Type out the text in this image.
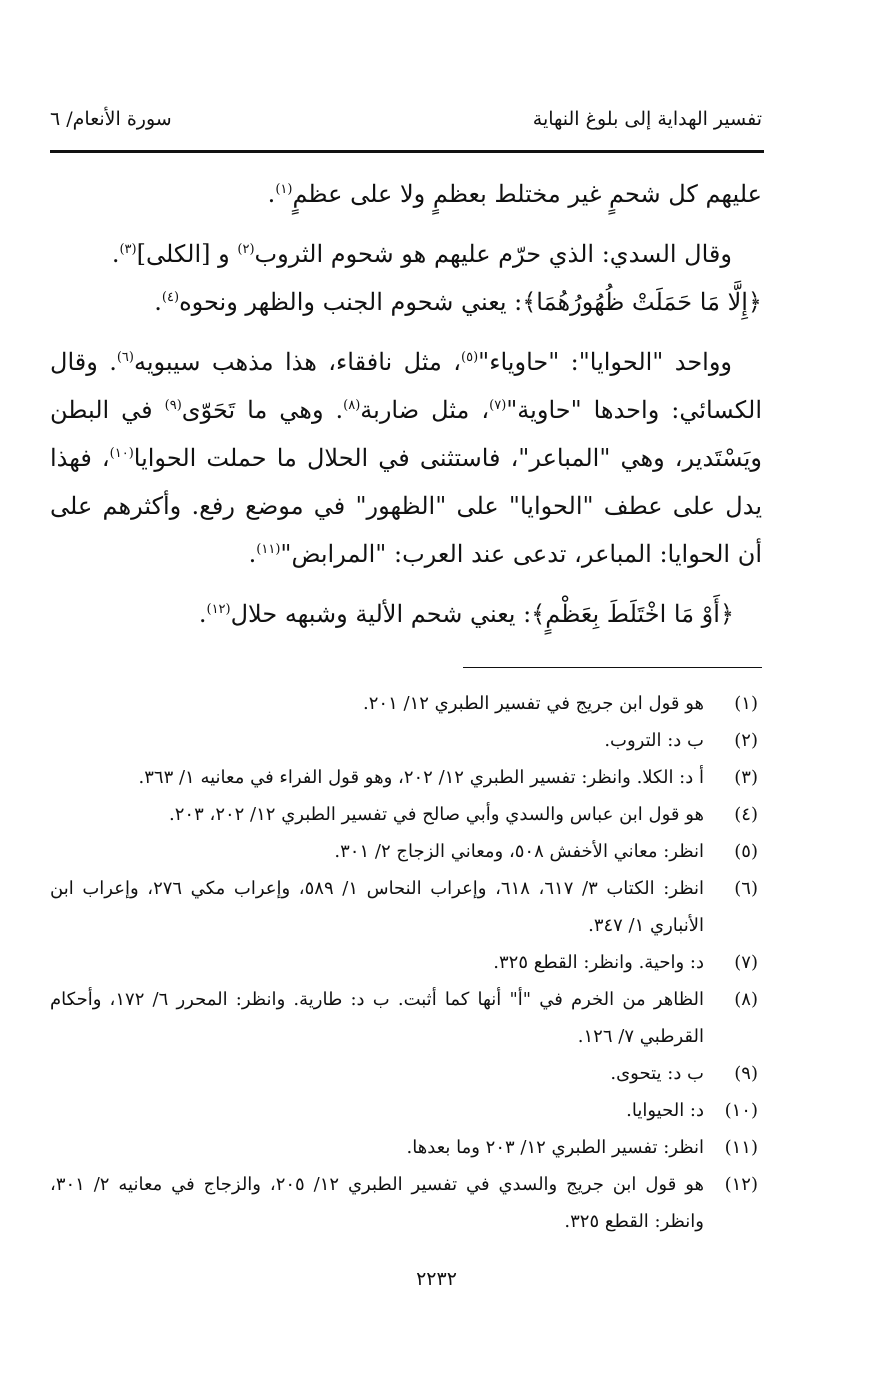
تفسير الهداية إلى بلوغ النهاية
سورة الأنعام/ ٦

عليهم كل شحمٍ غير مختلط بعظمٍ ولا على عظمٍ$^{(١)}$.

وقال السدي: الذي حرّم عليهم هو شحوم الثروب$^{(٢)}$ و [الكلى]$^{(٣)}$.

﴿إِلَّا مَا حَمَلَتْ ظُهُورُهُمَا﴾: يعني شحوم الجنب والظهر ونحوه$^{(٤)}$.

وواحد "الحوايا": "حاوياء"$^{(٥)}$، مثل نافقاء، هذا مذهب سيبويه$^{(٦)}$. وقال الكسائي: واحدها "حاوية"$^{(٧)}$، مثل ضاربة$^{(٨)}$. وهي ما تَحَوّى$^{(٩)}$ في البطن ويَسْتَدير، وهي "المباعر"، فاستثنى في الحلال ما حملت الحوايا$^{(١٠)}$، فهذا يدل على عطف "الحوايا" على "الظهور" في موضع رفع. وأكثرهم على أن الحوايا: المباعر، تدعى عند العرب: "المرابض"$^{(١١)}$.

﴿أَوْ مَا اخْتَلَطَ بِعَظْمٍ﴾: يعني شحم الألية وشبهه حلال$^{(١٢)}$.

(١)
هو قول ابن جريج في تفسير الطبري ١٢/ ٢٠١.
(٢)
ب د: التروب.
(٣)
أ د: الكلا. وانظر: تفسير الطبري ١٢/ ٢٠٢، وهو قول الفراء في معانيه ١/ ٣٦٣.
(٤)
هو قول ابن عباس والسدي وأبي صالح في تفسير الطبري ١٢/ ٢٠٢، ٢٠٣.
(٥)
انظر: معاني الأخفش ٥٠٨، ومعاني الزجاج ٢/ ٣٠١.
(٦)
انظر: الكتاب ٣/ ٦١٧، ٦١٨، وإعراب النحاس ١/ ٥٨٩، وإعراب مكي ٢٧٦، وإعراب ابن الأنباري ١/ ٣٤٧.
(٧)
د: واحية. وانظر: القطع ٣٢٥.
(٨)
الظاهر من الخرم في "أ" أنها كما أثبت. ب د: طارية. وانظر: المحرر ٦/ ١٧٢، وأحكام القرطبي ٧/ ١٢٦.
(٩)
ب د: يتحوى.
(١٠)
د: الحيوايا.
(١١)
انظر: تفسير الطبري ١٢/ ٢٠٣ وما بعدها.
(١٢)
هو قول ابن جريج والسدي في تفسير الطبري ١٢/ ٢٠٥، والزجاج في معانيه ٢/ ٣٠١، وانظر: القطع ٣٢٥.
٢٢٣٢
